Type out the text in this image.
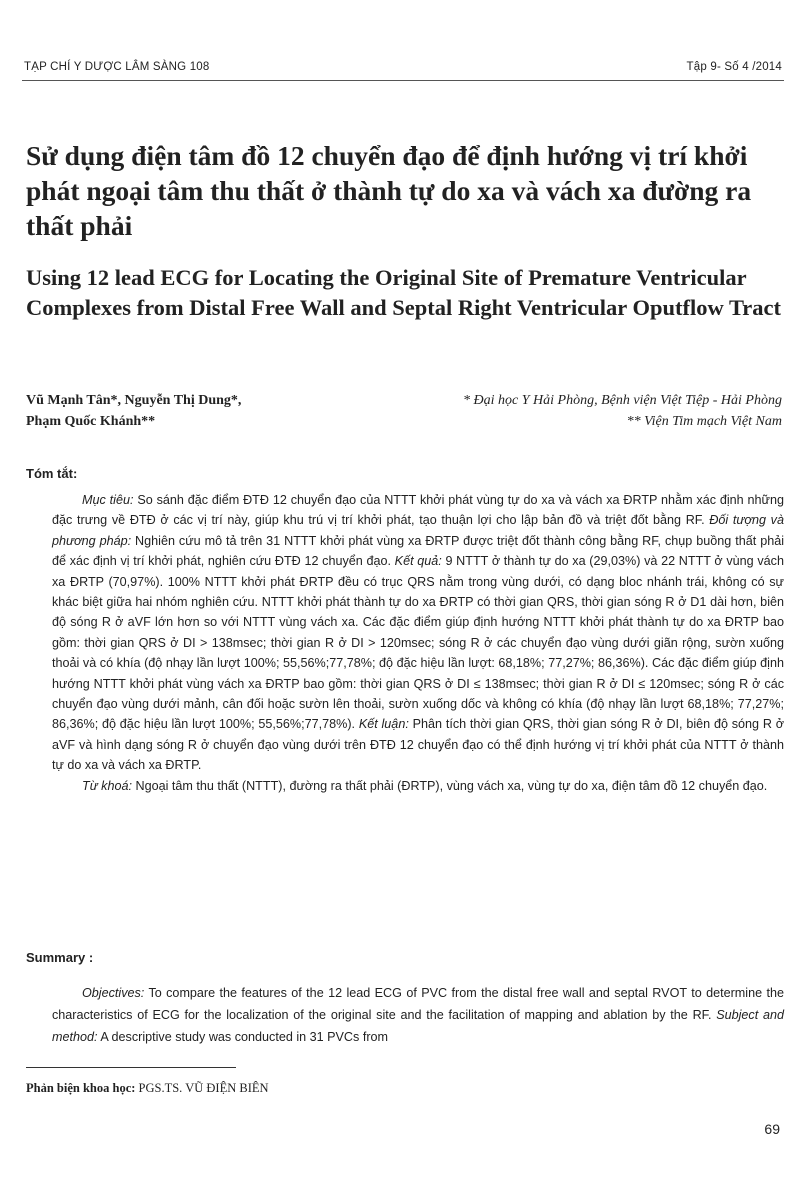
TẠP CHÍ Y DƯỢC LÂM SÀNG 108	Tập 9- Số 4 /2014
Sử dụng điện tâm đồ 12 chuyển đạo để định hướng vị trí khởi phát ngoại tâm thu thất ở thành tự do xa và vách xa đường ra thất phải
Using 12 lead ECG for Locating the Original Site of Premature Ventricular Complexes from Distal Free Wall and Septal Right Ventricular Oputflow Tract
Vũ Mạnh Tân*, Nguyễn Thị Dung*,
Phạm Quốc Khánh**
* Đại học Y Hải Phòng, Bệnh viện Việt Tiệp - Hải Phòng
** Viện Tim mạch Việt Nam
Tóm tắt:

Mục tiêu: So sánh đặc điểm ĐTĐ 12 chuyển đạo của NTTT khởi phát vùng tự do xa và vách xa ĐRTP nhằm xác định những đặc trưng về ĐTĐ ở các vị trí này, giúp khu trú vị trí khởi phát, tạo thuận lợi cho lập bản đồ và triệt đốt bằng RF. Đối tượng và phương pháp: Nghiên cứu mô tả trên 31 NTTT khởi phát vùng xa ĐRTP được triệt đốt thành công bằng RF, chụp buồng thất phải để xác định vị trí khởi phát, nghiên cứu ĐTĐ 12 chuyển đạo. Kết quả: 9 NTTT ở thành tự do xa (29,03%) và 22 NTTT ở vùng vách xa ĐRTP (70,97%). 100% NTTT khởi phát ĐRTP đều có trục QRS nằm trong vùng dưới, có dạng bloc nhánh trái, không có sự khác biệt giữa hai nhóm nghiên cứu. NTTT khởi phát thành tự do xa ĐRTP có thời gian QRS, thời gian sóng R ở D1 dài hơn, biên độ sóng R ở aVF lớn hơn so với NTTT vùng vách xa. Các đặc điểm giúp định hướng NTTT khởi phát thành tự do xa ĐRTP bao gồm: thời gian QRS ở DI > 138msec; thời gian R ở DI > 120msec; sóng R ở các chuyển đạo vùng dưới giãn rộng, sườn xuống thoải và có khía (độ nhạy lần lượt 100%; 55,56%;77,78%; độ đặc hiệu lần lượt: 68,18%; 77,27%; 86,36%). Các đặc điểm giúp định hướng NTTT khởi phát vùng vách xa ĐRTP bao gồm: thời gian QRS ở DI ≤ 138msec; thời gian R ở DI ≤ 120msec; sóng R ở các chuyển đạo vùng dưới mảnh, cân đối hoặc sườn lên thoải, sườn xuống dốc và không có khía (độ nhạy lần lượt 68,18%; 77,27%; 86,36%; độ đặc hiệu lần lượt 100%; 55,56%;77,78%). Kết luận: Phân tích thời gian QRS, thời gian sóng R ở DI, biên độ sóng R ở aVF và hình dạng sóng R ở chuyển đạo vùng dưới trên ĐTĐ 12 chuyển đạo có thể định hướng vị trí khởi phát của NTTT ở thành tự do xa và vách xa ĐRTP.

Từ khoá: Ngoại tâm thu thất (NTTT), đường ra thất phải (ĐRTP), vùng vách xa, vùng tự do xa, điện tâm đồ 12 chuyển đạo.

Summary :

Objectives: To compare the features of the 12 lead ECG of PVC from the distal free wall and septal RVOT to determine the characteristics of ECG for the localization of the original site and the facilitation of mapping and ablation by the RF. Subject and method: A descriptive study was conducted in 31 PVCs from

Phản biện khoa học: PGS.TS. VŨ ĐIỆN BIÊN
69
